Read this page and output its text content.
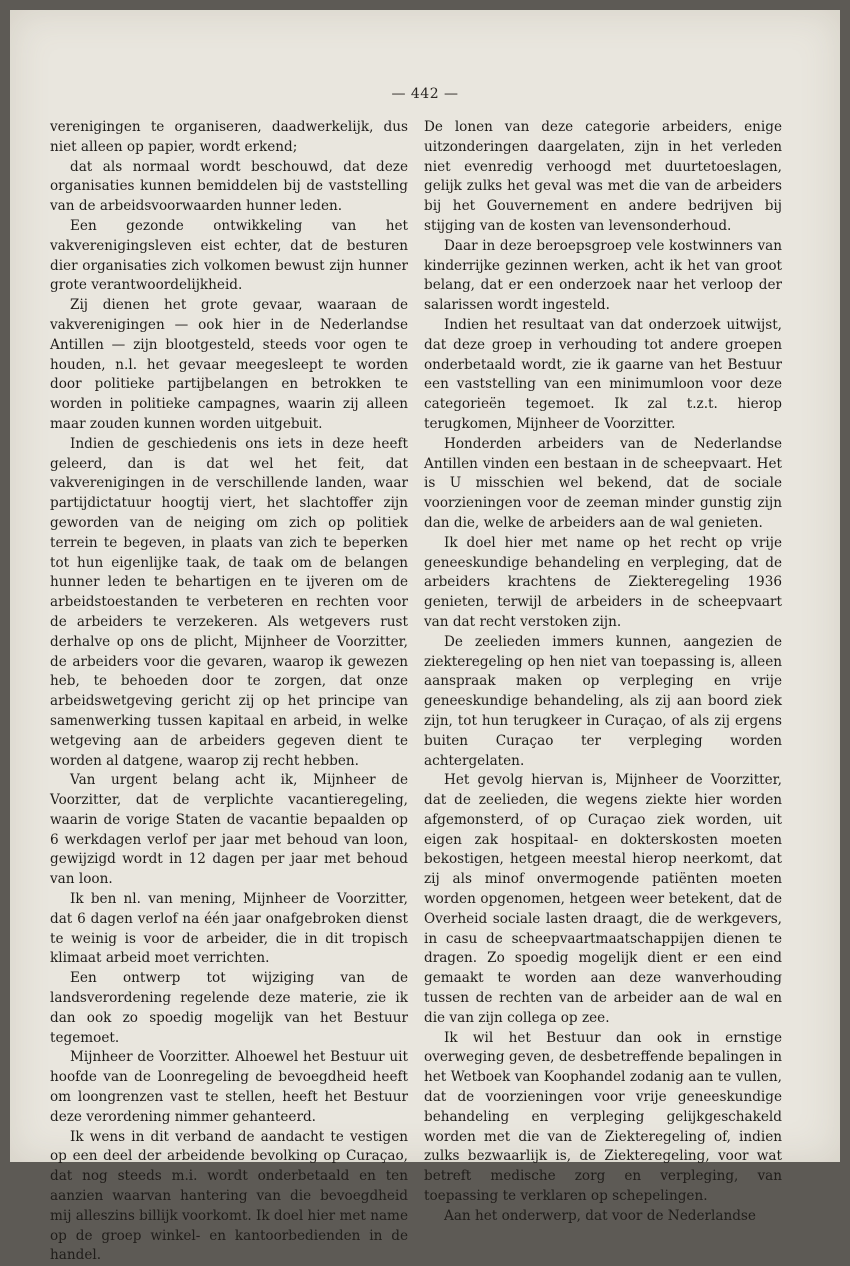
— 442 —

verenigingen te organiseren, daadwerkelijk, dus niet alleen op papier, wordt erkend;

dat als normaal wordt beschouwd, dat deze organisaties kunnen bemiddelen bij de vaststelling van de arbeidsvoorwaarden hunner leden.

Een gezonde ontwikkeling van het vakverenigingsleven eist echter, dat de besturen dier organisaties zich volkomen bewust zijn hunner grote verantwoordelijkheid.

Zij dienen het grote gevaar, waaraan de vakverenigingen — ook hier in de Nederlandse Antillen — zijn blootgesteld, steeds voor ogen te houden, n.l. het gevaar meegesleept te worden door politieke partijbelangen en betrokken te worden in politieke campagnes, waarin zij alleen maar zouden kunnen worden uitgebuit.

Indien de geschiedenis ons iets in deze heeft geleerd, dan is dat wel het feit, dat vakverenigingen in de verschillende landen, waar partijdictatuur hoogtij viert, het slachtoffer zijn geworden van de neiging om zich op politiek terrein te begeven, in plaats van zich te beperken tot hun eigenlijke taak, de taak om de belangen hunner leden te behartigen en te ijveren om de arbeidstoestanden te verbeteren en rechten voor de arbeiders te verzekeren. Als wetgevers rust derhalve op ons de plicht, Mijnheer de Voorzitter, de arbeiders voor die gevaren, waarop ik gewezen heb, te behoeden door te zorgen, dat onze arbeidswetgeving gericht zij op het principe van samenwerking tussen kapitaal en arbeid, in welke wetgeving aan de arbeiders gegeven dient te worden al datgene, waarop zij recht hebben.

Van urgent belang acht ik, Mijnheer de Voorzitter, dat de verplichte vacantieregeling, waarin de vorige Staten de vacantie bepaalden op 6 werkdagen verlof per jaar met behoud van loon, gewijzigd wordt in 12 dagen per jaar met behoud van loon.

Ik ben nl. van mening, Mijnheer de Voorzitter, dat 6 dagen verlof na één jaar onafgebroken dienst te weinig is voor de arbeider, die in dit tropisch klimaat arbeid moet verrichten.

Een ontwerp tot wijziging van de landsverordening regelende deze materie, zie ik dan ook zo spoedig mogelijk van het Bestuur tegemoet.

Mijnheer de Voorzitter. Alhoewel het Bestuur uit hoofde van de Loonregeling de bevoegdheid heeft om loongrenzen vast te stellen, heeft het Bestuur deze verordening nimmer gehanteerd.

Ik wens in dit verband de aandacht te vestigen op een deel der arbeidende bevolking op Curaçao, dat nog steeds m.i. wordt onderbetaald en ten aanzien waarvan hantering van die bevoegdheid mij alleszins billijk voorkomt. Ik doel hier met name op de groep winkel- en kantoorbedienden in de handel.

De lonen van deze categorie arbeiders, enige uitzonderingen daargelaten, zijn in het verleden niet evenredig verhoogd met duurtetoeslagen, gelijk zulks het geval was met die van de arbeiders bij het Gouvernement en andere bedrijven bij stijging van de kosten van levensonderhoud.

Daar in deze beroepsgroep vele kostwinners van kinderrijke gezinnen werken, acht ik het van groot belang, dat er een onderzoek naar het verloop der salarissen wordt ingesteld.

Indien het resultaat van dat onderzoek uitwijst, dat deze groep in verhouding tot andere groepen onderbetaald wordt, zie ik gaarne van het Bestuur een vaststelling van een minimumloon voor deze categorieën tegemoet. Ik zal t.z.t. hierop terugkomen, Mijnheer de Voorzitter.

Honderden arbeiders van de Nederlandse Antillen vinden een bestaan in de scheepvaart. Het is U misschien wel bekend, dat de sociale voorzieningen voor de zeeman minder gunstig zijn dan die, welke de arbeiders aan de wal genieten.

Ik doel hier met name op het recht op vrije geneeskundige behandeling en verpleging, dat de arbeiders krachtens de Ziekteregeling 1936 genieten, terwijl de arbeiders in de scheepvaart van dat recht verstoken zijn.

De zeelieden immers kunnen, aangezien de ziekteregeling op hen niet van toepassing is, alleen aanspraak maken op verpleging en vrije geneeskundige behandeling, als zij aan boord ziek zijn, tot hun terugkeer in Curaçao, of als zij ergens buiten Curaçao ter verpleging worden achtergelaten.

Het gevolg hiervan is, Mijnheer de Voorzitter, dat de zeelieden, die wegens ziekte hier worden afgemonsterd, of op Curaçao ziek worden, uit eigen zak hospitaal- en dokterskosten moeten bekostigen, hetgeen meestal hierop neerkomt, dat zij als minof onvermogende patiënten moeten worden opgenomen, hetgeen weer betekent, dat de Overheid sociale lasten draagt, die de werkgevers, in casu de scheepvaartmaatschappijen dienen te dragen. Zo spoedig mogelijk dient er een eind gemaakt te worden aan deze wanverhouding tussen de rechten van de arbeider aan de wal en die van zijn collega op zee.

Ik wil het Bestuur dan ook in ernstige overweging geven, de desbetreffende bepalingen in het Wetboek van Koophandel zodanig aan te vullen, dat de voorzieningen voor vrije geneeskundige behandeling en verpleging gelijkgeschakeld worden met die van de Ziekteregeling of, indien zulks bezwaarlijk is, de Ziekteregeling, voor wat betreft medische zorg en verpleging, van toepassing te verklaren op schepelingen.

Aan het onderwerp, dat voor de Nederlandse
